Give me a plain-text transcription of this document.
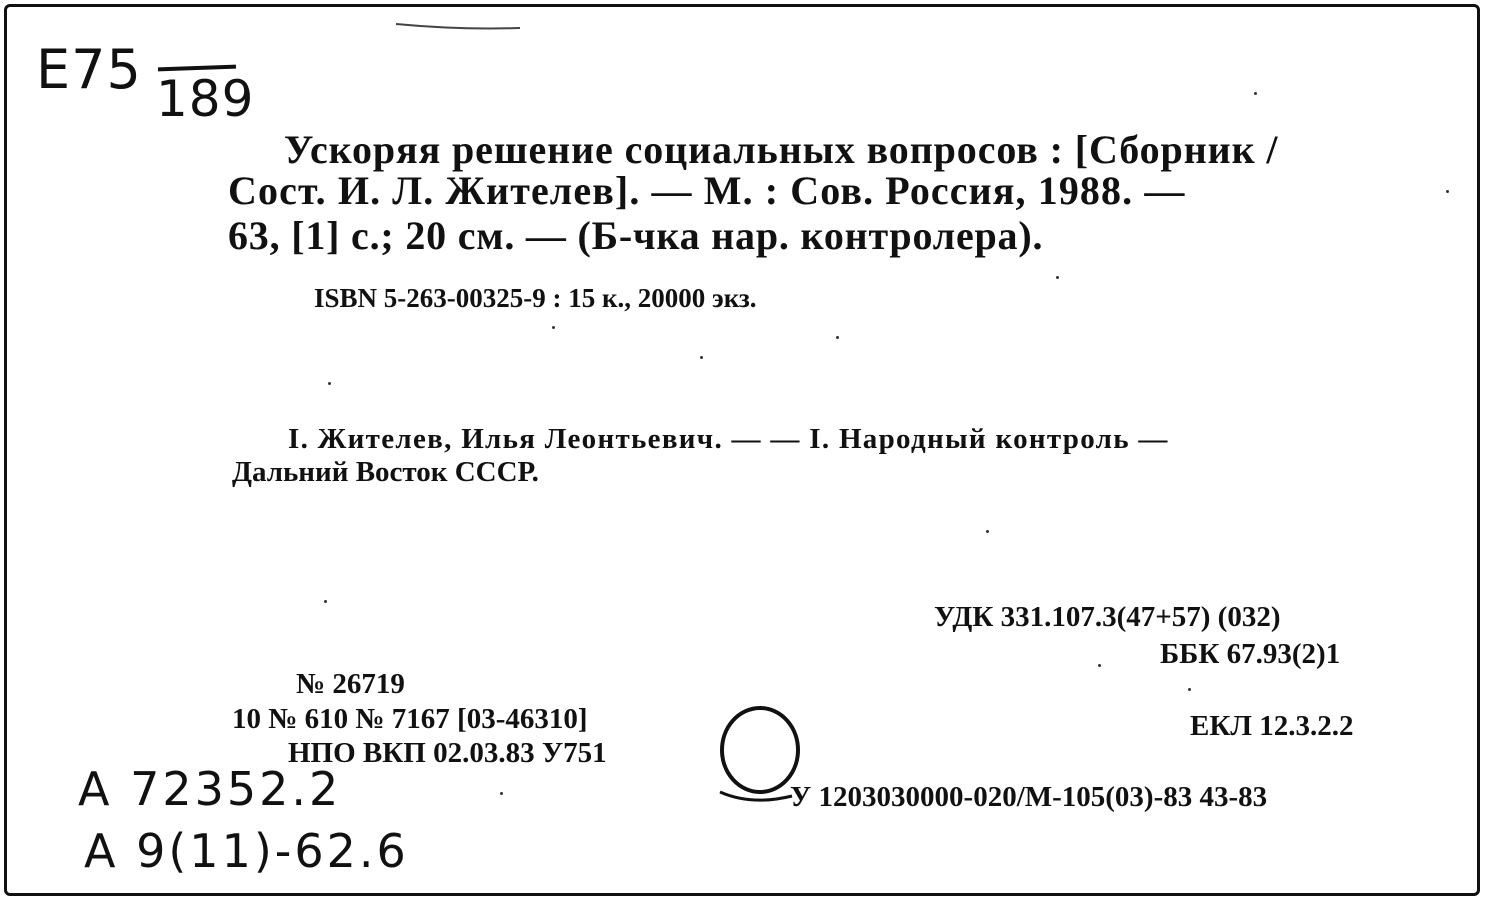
E75 189
Ускоряя решение социальных вопросов : [Сборник /
Сост. И. Л. Жителев]. — М. : Сов. Россия, 1988. —
63, [1] с.; 20 см. — (Б-чка нар. контролера).
ISBN 5-263-00325-9 : 15 к., 20000 экз.
I. Жителев, Илья Леонтьевич. — — I. Народный контроль —
Дальний Восток СССР.
УДК 331.107.3(47+57) (032)
ББК 67.93(2)1
ЕКЛ 12.3.2.2
№ 26719
10 № 610 № 7167 [03-46310]
НПО ВКП 02.03.83 У751
У 1203030000-020/М-105(03)-83 43-83
А 72352.2
А 9(11)-62.6
